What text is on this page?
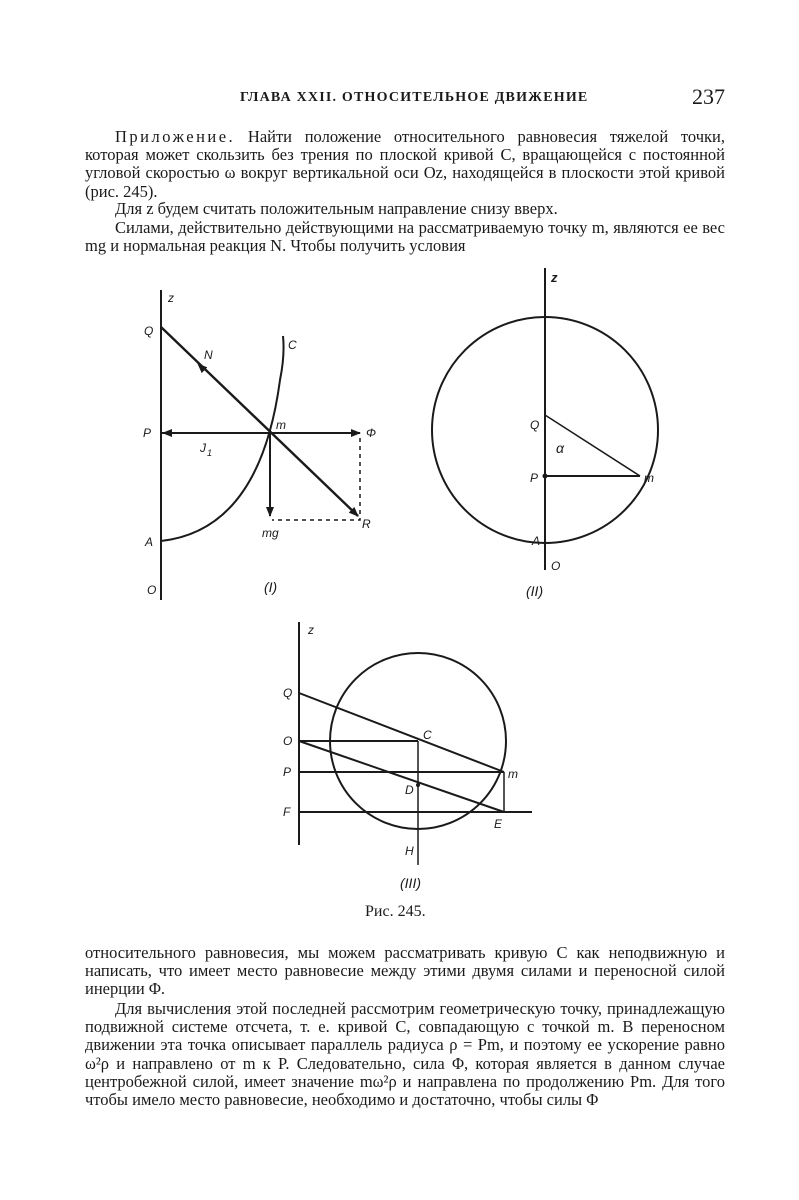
ГЛАВА XXII. ОТНОСИТЕЛЬНОЕ ДВИЖЕНИЕ	237
Приложение. Найти положение относительного равновесия тяжелой точки, которая может скользить без трения по плоской кривой C, вращающейся с постоянной угловой скоростью ω вокруг вертикальной оси Oz, находящейся в плоскости этой кривой (рис. 245).
Для z будем считать положительным направление снизу вверх.
Силами, действительно действующими на рассматриваемую точку m, являются ее вес mg и нормальная реакция N. Чтобы получить условия
z
Q
N
C
m
P
J 1
Φ
mg
R
A
O	(I)
z
Q
α
P	m
A
O
(II)
z
Q
O	C
P	m
D
F
E
H
(III)
Рис. 245.
относительного равновесия, мы можем рассматривать кривую C как неподвижную и написать, что имеет место равновесие между этими двумя силами и переносной силой инерции Φ.
Для вычисления этой последней рассмотрим геометрическую точку, принадлежащую подвижной системе отсчета, т. е. кривой C, совпадающую с точкой m. В переносном движении эта точка описывает параллель радиуса ρ = Pm, и поэтому ее ускорение равно ω²ρ и направлено от m к P. Следовательно, сила Φ, которая является в данном случае центробежной силой, имеет значение mω²ρ и направлена по продолжению Pm. Для того чтобы имело место равновесие, необходимо и достаточно, чтобы силы Φ
